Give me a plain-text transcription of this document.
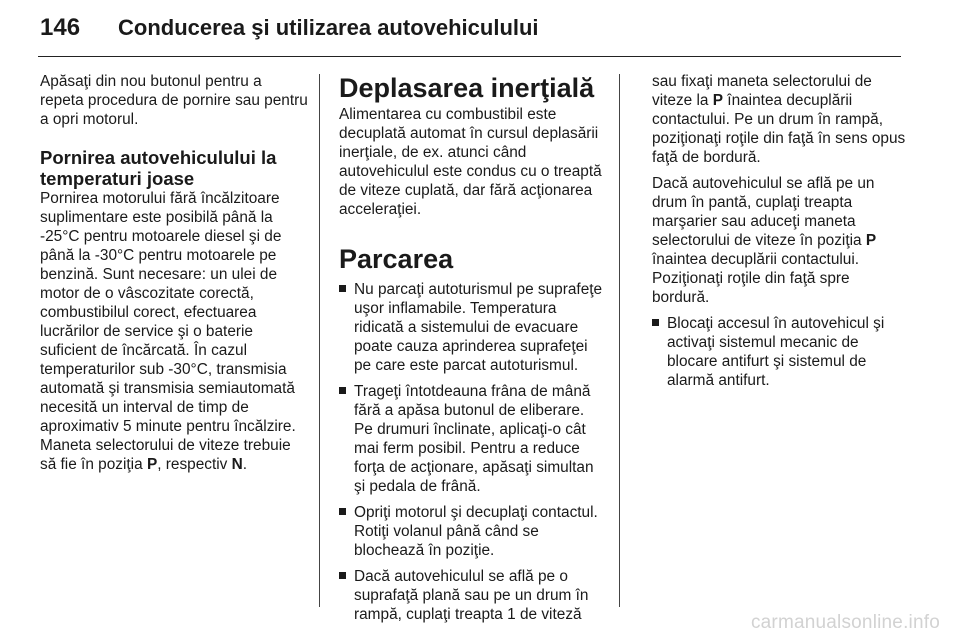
146	Conducerea şi utilizarea autovehiculului

Apăsaţi din nou butonul pentru a repeta procedura de pornire sau pentru a opri motorul.

Pornirea autovehiculului la temperaturi joase

Pornirea motorului fără încălzitoare suplimentare este posibilă până la -25°C pentru motoarele diesel şi de până la -30°C pentru motoarele pe benzină. Sunt necesare: un ulei de motor de o vâscozitate corectă, combustibilul corect, efectuarea lucrărilor de service şi o baterie suficient de încărcată. În cazul temperaturilor sub -30°C, transmisia automată şi transmisia semiautomată necesită un interval de timp de aproximativ 5 minute pentru încălzire. Maneta selectorului de viteze trebuie să fie în poziţia P, respectiv N.

Deplasarea inerţială

Alimentarea cu combustibil este decuplată automat în cursul deplasării inerţiale, de ex. atunci când autovehiculul este condus cu o treaptă de viteze cuplată, dar fără acţionarea acceleraţiei.

Parcarea
Nu parcaţi autoturismul pe suprafeţe uşor inflamabile. Temperatura ridicată a sistemului de evacuare poate cauza aprinderea suprafeţei pe care este parcat autoturismul.
Trageţi întotdeauna frâna de mână fără a apăsa butonul de eliberare. Pe drumuri înclinate, aplicaţi-o cât mai ferm posibil. Pentru a reduce forţa de acţionare, apăsaţi simultan şi pedala de frână.
Opriţi motorul şi decuplaţi contactul. Rotiţi volanul până când se blochează în poziţie.
Dacă autovehiculul se află pe o suprafaţă plană sau pe un drum în rampă, cuplaţi treapta 1 de viteză

sau fixaţi maneta selectorului de viteze la P înaintea decuplării contactului. Pe un drum în rampă, poziţionaţi roţile din faţă în sens opus faţă de bordură.

Dacă autovehiculul se află pe un drum în pantă, cuplaţi treapta marşarier sau aduceţi maneta selectorului de viteze în poziţia P înaintea decuplării contactului. Poziţionaţi roţile din faţă spre bordură.

Blocaţi accesul în autovehicul şi activaţi sistemul mecanic de blocare antifurt şi sistemul de alarmă antifurt.
carmanualsonline.info
